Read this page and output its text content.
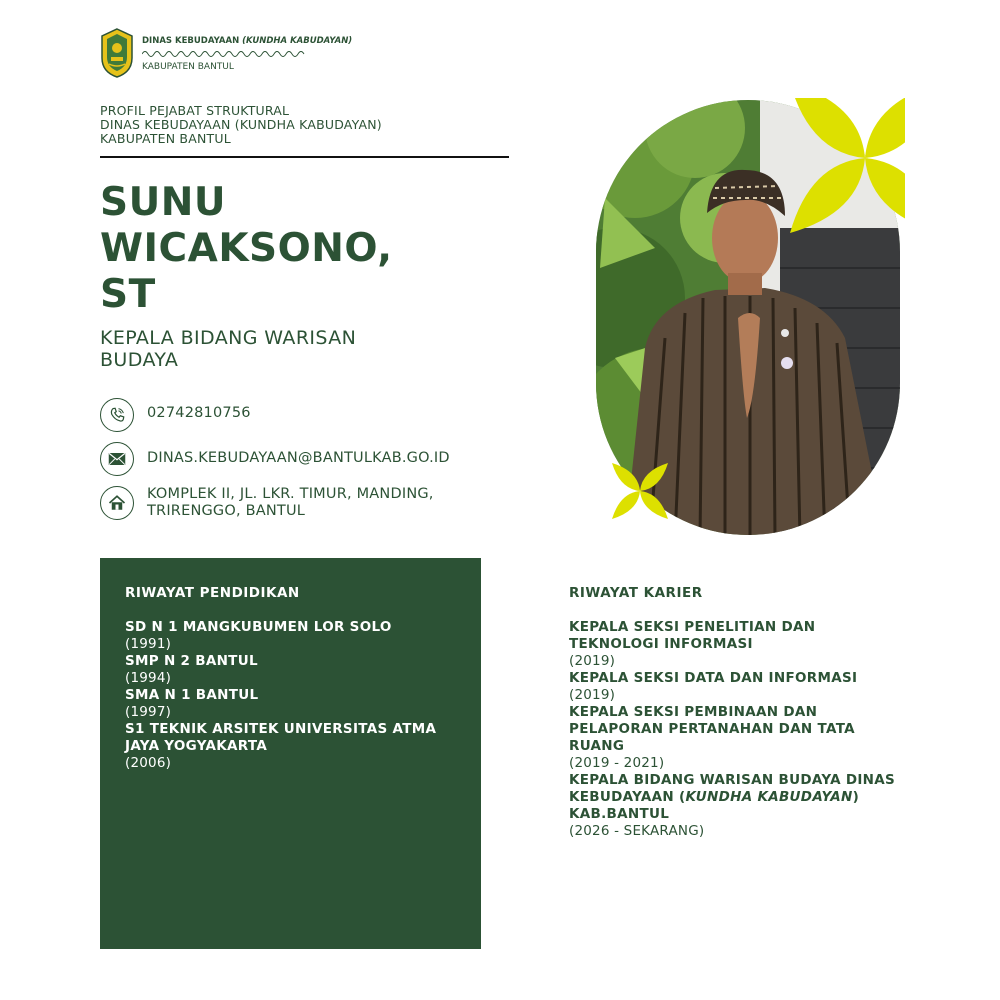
DINAS KEBUDAYAAN (KUNDHA KABUDAYAN)
KABUPATEN BANTUL
PROFIL PEJABAT STRUKTURAL
DINAS KEBUDAYAAN (KUNDHA KABUDAYAN)
KABUPATEN BANTUL
SUNU
WICAKSONO,
ST
KEPALA BIDANG WARISAN
BUDAYA
02742810756
DINAS.KEBUDAYAAN@BANTULKAB.GO.ID
KOMPLEK II, JL. LKR. TIMUR, MANDING,
TRIRENGGO, BANTUL
RIWAYAT PENDIDIKAN
SD N 1 MANGKUBUMEN LOR SOLO
(1991)
SMP N 2 BANTUL
(1994)
SMA N 1 BANTUL
(1997)
S1 TEKNIK ARSITEK UNIVERSITAS ATMA JAYA YOGYAKARTA
(2006)
RIWAYAT KARIER
KEPALA SEKSI PENELITIAN DAN TEKNOLOGI INFORMASI
(2019)
KEPALA SEKSI DATA DAN INFORMASI
(2019)
KEPALA SEKSI PEMBINAAN DAN PELAPORAN PERTANAHAN DAN TATA RUANG
(2019 - 2021)
KEPALA BIDANG WARISAN BUDAYA DINAS KEBUDAYAAN (KUNDHA KABUDAYAN) KAB.BANTUL
(2026 - SEKARANG)
